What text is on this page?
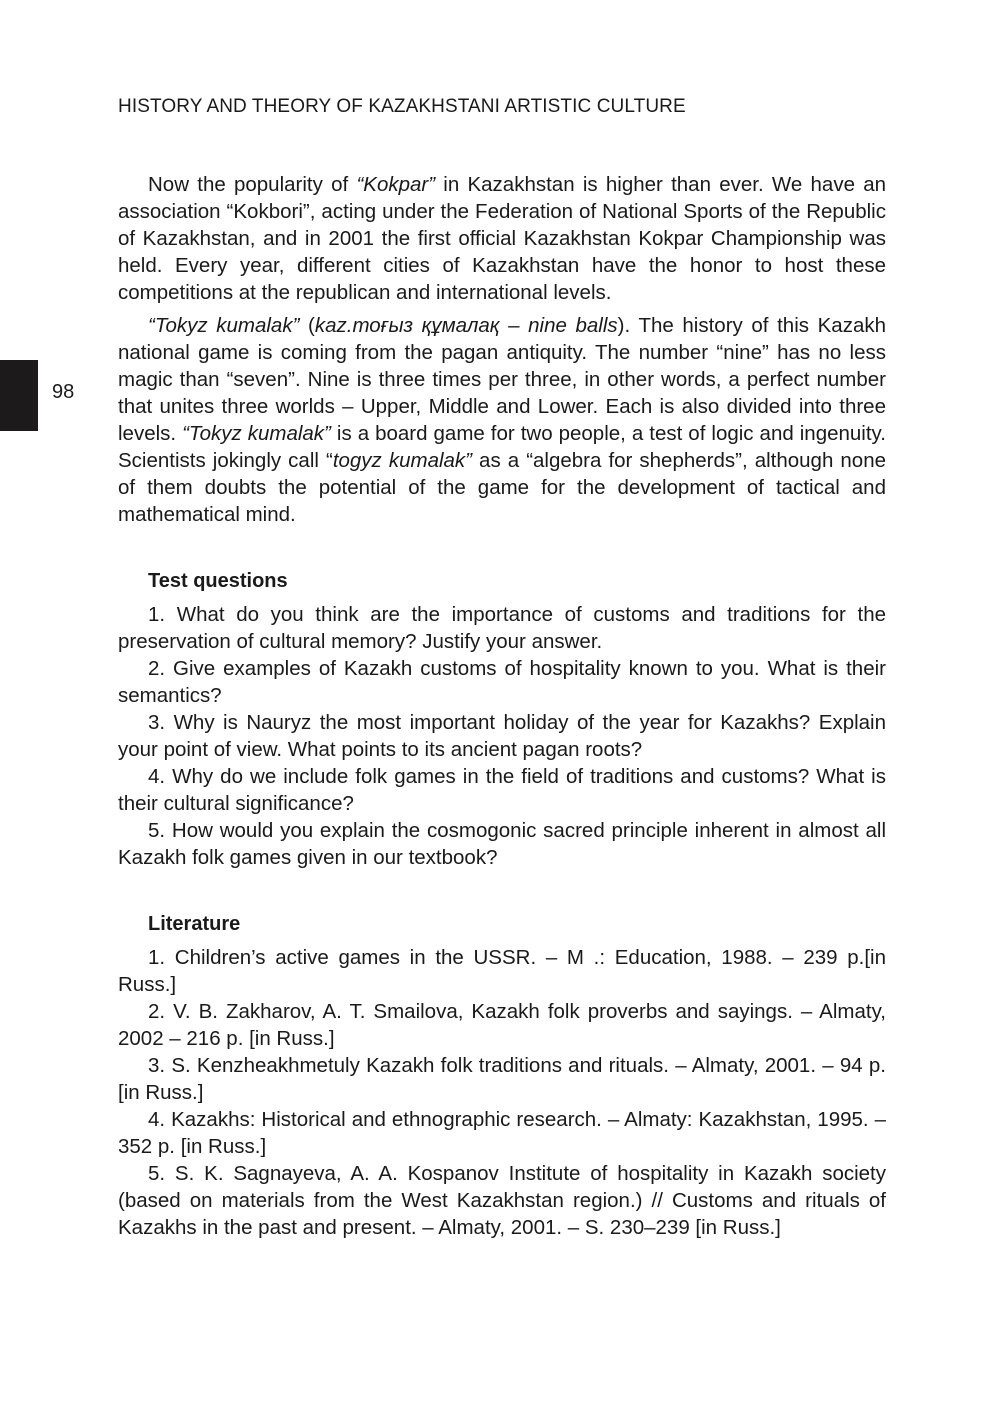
HISTORY AND THEORY OF KAZAKHSTANI ARTISTIC CULTURE
98

Now the popularity of “Kokpar” in Kazakhstan is higher than ever. We have an association “Kokbori”, acting under the Federation of National Sports of the Republic of Kazakhstan, and in 2001 the first official Kazakhstan Kokpar Championship was held. Every year, different cities of Kazakhstan have the honor to host these competitions at the republican and international levels.

“Tokyz kumalak” (kaz.тоғыз құмалақ – nine balls). The history of this Kazakh national game is coming from the pagan antiquity. The number “nine” has no less magic than “seven”. Nine is three times per three, in other words, a perfect number that unites three worlds – Upper, Middle and Lower. Each is also divided into three levels. “Tokyz kumalak” is a board game for two people, a test of logic and ingenuity. Scientists jokingly call “togyz kumalak” as a “algebra for shepherds”, although none of them doubts the potential of the game for the development of tactical and mathematical mind.

Test questions

1. What do you think are the importance of customs and traditions for the preservation of cultural memory? Justify your answer.

2. Give examples of Kazakh customs of hospitality known to you. What is their semantics?

3. Why is Nauryz the most important holiday of the year for Kazakhs? Explain your point of view. What points to its ancient pagan roots?

4. Why do we include folk games in the field of traditions and customs? What is their cultural significance?

5. How would you explain the cosmogonic sacred principle inherent in almost all Kazakh folk games given in our textbook?

Literature

1. Children’s active games in the USSR. – M .: Education, 1988. – 239 p.[in Russ.]

2. V. B. Zakharov, A. T. Smailova, Kazakh folk proverbs and sayings. – Almaty, 2002 – 216 p. [in Russ.]

3. S. Kenzheakhmetuly Kazakh folk traditions and rituals. – Almaty, 2001. – 94 p. [in Russ.]

4. Kazakhs: Historical and ethnographic research. – Almaty: Kazakhstan, 1995. – 352 p. [in Russ.]

5. S. K. Sagnayeva, A. A. Kospanov Institute of hospitality in Kazakh society (based on materials from the West Kazakhstan region.) // Customs and rituals of Kazakhs in the past and present. – Almaty, 2001. – S. 230–239 [in Russ.]
